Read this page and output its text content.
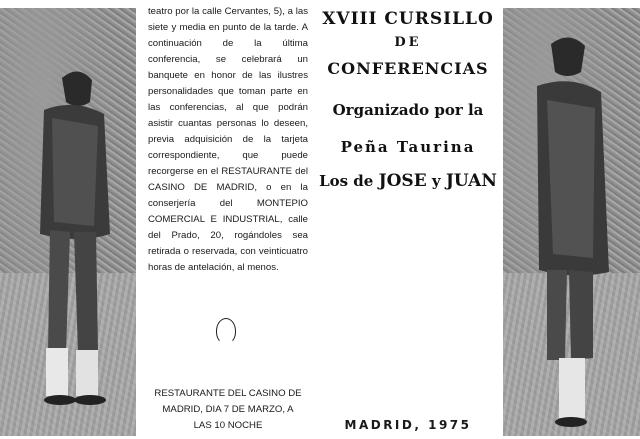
teatro por la calle Cervantes, 5), a las siete y media en punto de la tarde. A continuación de la última conferencia, se celebrará un banquete en honor de las ilustres personalidades que toman parte en las conferencias, al que podrán asistir cuantas personas lo deseen, previa adquisición de la tarjeta correspondiente, que puede recorgerse en el RESTAURANTE del CASINO DE MADRID, o en la conserjería del MONTEPIO COMERCIAL E INDUSTRIAL, calle del Prado, 20, rogándoles sea retirada o reservada, con veinticuatro horas de antelación, al menos.

RESTAURANTE DEL CASINO DE
MADRID, DIA 7 DE MARZO, A
LAS 10 NOCHE
XVIII CURSILLO
DE
CONFERENCIAS
Organizado por la
Peña Taurina
Los de JOSE y JUAN
MADRID, 1975
